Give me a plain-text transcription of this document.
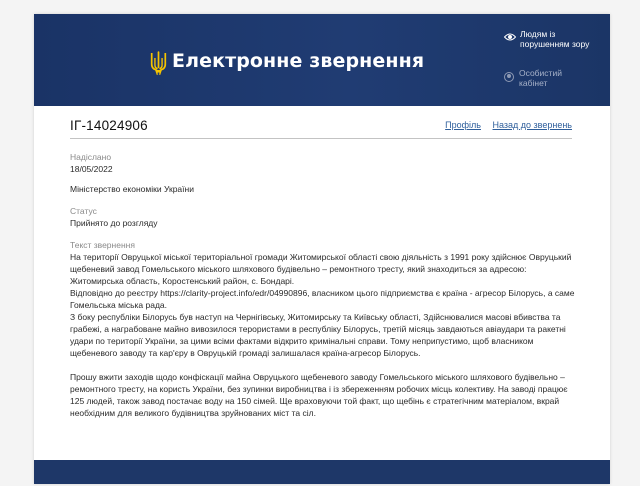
Електронне звернення
Людям із порушенням зору
Особистий кабінет
ІГ-14024906	Профіль Назад до звернень
Надіслано
18/05/2022
Міністерство економіки України
Статус
Прийнято до розгляду
Текст звернення

На території Овруцької міської територіальної громади Житомирської області свою діяльність з 1991 року здійснює Овруцький щебеневий завод Гомельського міського шляхового будівельно – ремонтного тресту, який знаходиться за адресою: Житомирська область, Коростенський район, с. Бондарі.

Відповідно до реєстру https://clarity-project.info/edr/04990896, власником цього підприємства є країна - агресор Білорусь, а саме Гомельська міська рада.

З боку республіки Білорусь був наступ на Чернігівську, Житомирську та Київську області, Здійснювалися масові вбивства та грабежі, а награбоване майно вивозилося терористами в республіку Білорусь, третій місяць завдаються авіаудари та ракетні удари по території України, за цими всіми фактами відкрито кримінальні справи. Тому неприпустимо, щоб власником щебеневого заводу та кар'єру в Овруцькій громаді залишалася країна-агресор Білорусь.

Прошу вжити заходів щодо конфіскації майна Овруцького щебеневого заводу Гомельського міського шляхового будівельно – ремонтного тресту, на користь України, без зупинки виробництва і із збереженням робочих місць колективу. На заводі працює 125 людей, також завод постачає воду на 150 сімей. Ще враховуючи той факт, що щебінь є стратегічним матеріалом, вкрай необхідним для великого будівництва зруйнованих міст та сіл.
